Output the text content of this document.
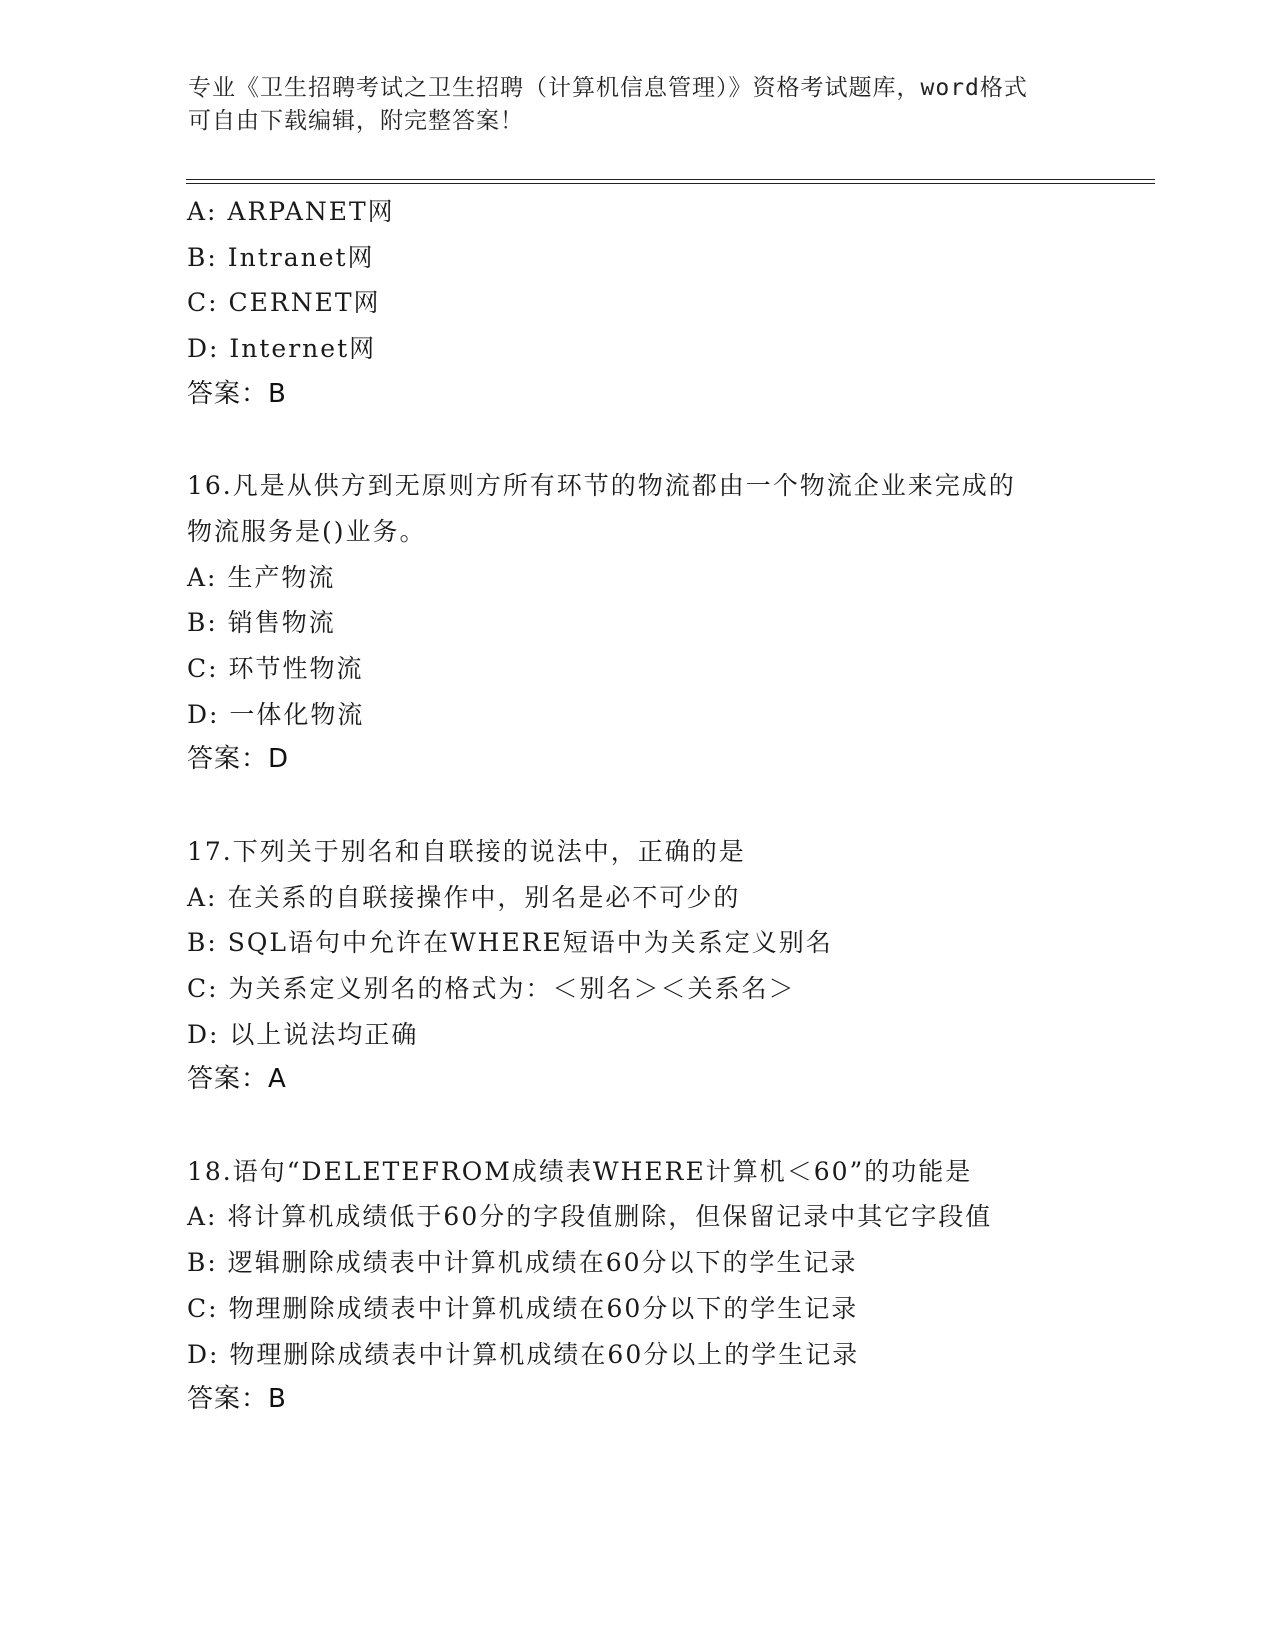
专业《卫生招聘考试之卫生招聘（计算机信息管理）》资格考试题库，word格式
可自由下载编辑，附完整答案！
A: ARPANET网
B: Intranet网
C: CERNET网
D: Internet网
答案：B
16.凡是从供方到无原则方所有环节的物流都由一个物流企业来完成的
物流服务是()业务。
A: 生产物流
B: 销售物流
C: 环节性物流
D: 一体化物流
答案：D
17.下列关于别名和自联接的说法中，正确的是
A: 在关系的自联接操作中，别名是必不可少的
B: SQL语句中允许在WHERE短语中为关系定义别名
C: 为关系定义别名的格式为：＜别名＞＜关系名＞
D: 以上说法均正确
答案：A
18.语句“DELETEFROM成绩表WHERE计算机＜60”的功能是
A: 将计算机成绩低于60分的字段值删除，但保留记录中其它字段值
B: 逻辑删除成绩表中计算机成绩在60分以下的学生记录
C: 物理删除成绩表中计算机成绩在60分以下的学生记录
D: 物理删除成绩表中计算机成绩在60分以上的学生记录
答案：B
